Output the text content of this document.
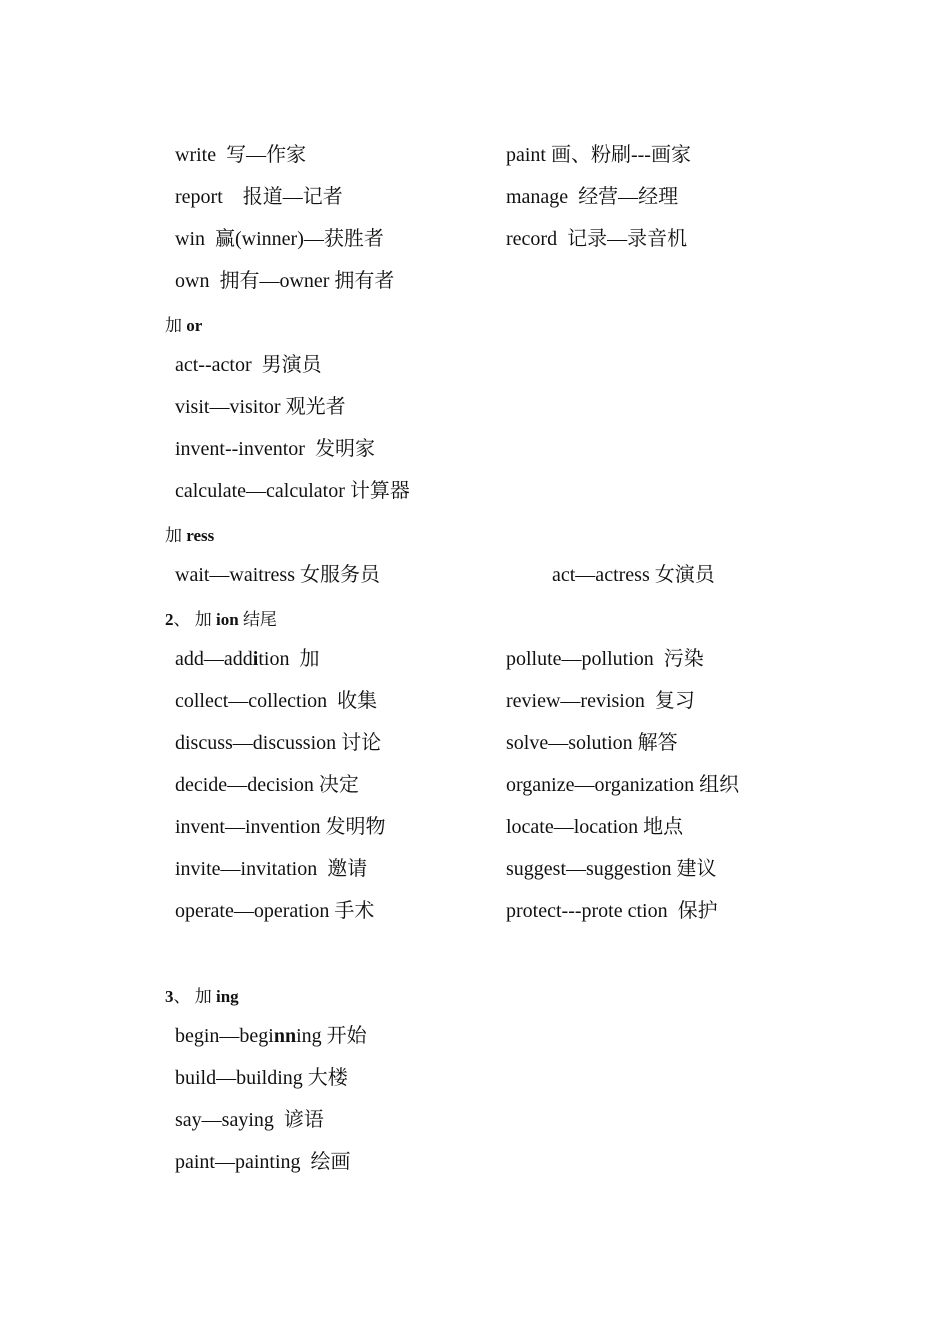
write  写—作家	paint 画、粉刷---画家
report    报道—记者	manage  经营—经理
win  赢(winner)—获胜者	record  记录—录音机
own  拥有—owner 拥有者
加 or
act--actor  男演员
visit—visitor 观光者
invent--inventor  发明家
calculate—calculator 计算器
加 ress
wait—waitress 女服务员	act—actress 女演员
2、 加 ion 结尾
add—addition  加	pollute—pollution  污染
collect—collection  收集	review—revision  复习
discuss—discussion 讨论	solve—solution 解答
decide—decision 决定	organize—organization 组织
invent—invention 发明物	locate—location 地点
invite—invitation  邀请	suggest—suggestion 建议
operate—operation 手术	protect---prote ction  保护
3、 加 ing
begin—beginning 开始
build—building 大楼
say—saying  谚语
paint—painting  绘画
